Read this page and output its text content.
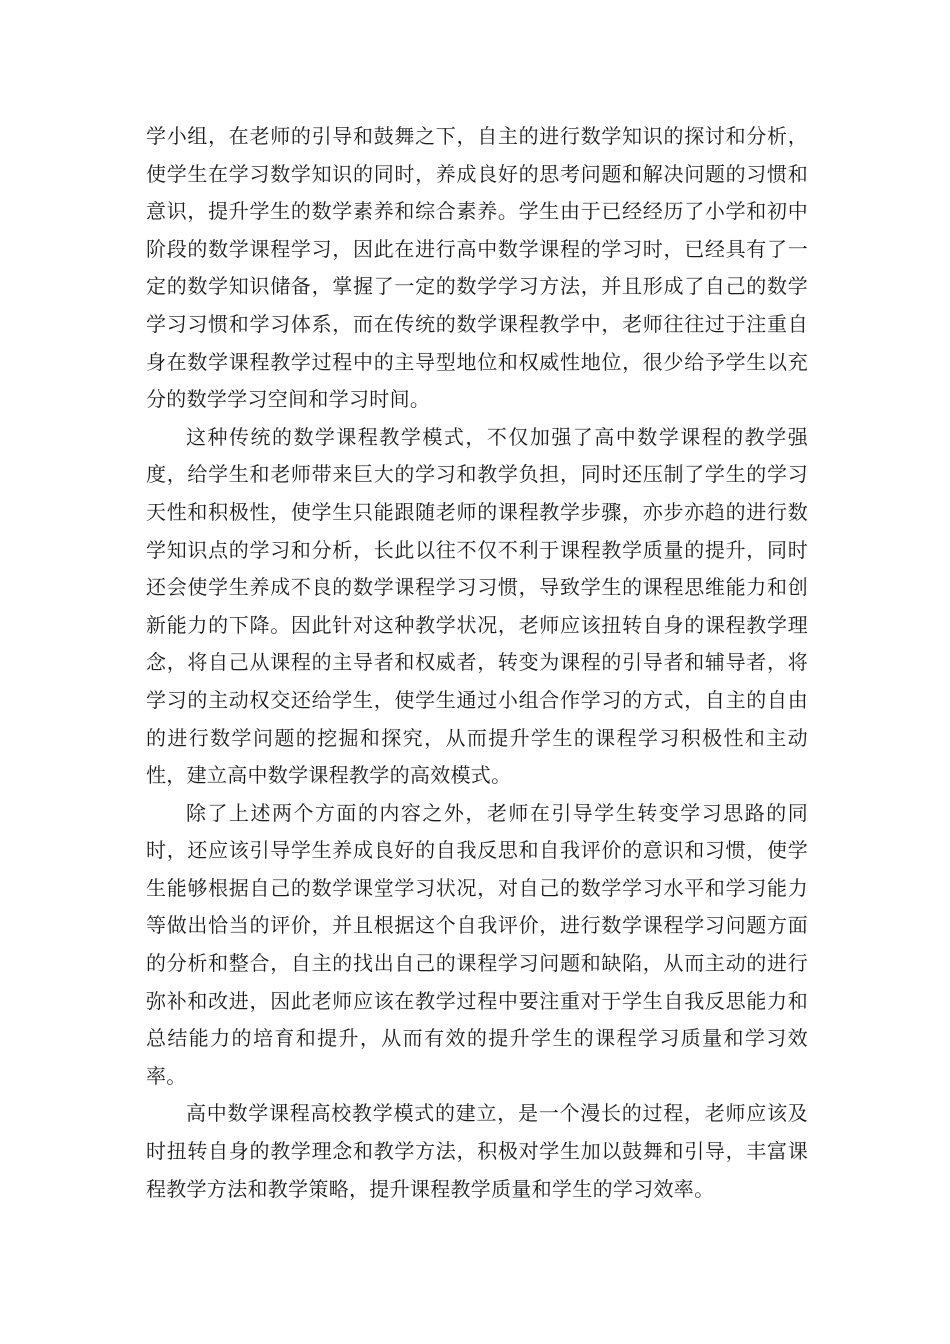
学小组，在老师的引导和鼓舞之下，自主的进行数学知识的探讨和分析，使学生在学习数学知识的同时，养成良好的思考问题和解决问题的习惯和意识，提升学生的数学素养和综合素养。学生由于已经经历了小学和初中阶段的数学课程学习，因此在进行高中数学课程的学习时，已经具有了一定的数学知识储备，掌握了一定的数学学习方法，并且形成了自己的数学学习习惯和学习体系，而在传统的数学课程教学中，老师往往过于注重自身在数学课程教学过程中的主导型地位和权威性地位，很少给予学生以充分的数学学习空间和学习时间。

这种传统的数学课程教学模式，不仅加强了高中数学课程的教学强度，给学生和老师带来巨大的学习和教学负担，同时还压制了学生的学习天性和积极性，使学生只能跟随老师的课程教学步骤，亦步亦趋的进行数学知识点的学习和分析，长此以往不仅不利于课程教学质量的提升，同时还会使学生养成不良的数学课程学习习惯，导致学生的课程思维能力和创新能力的下降。因此针对这种教学状况，老师应该扭转自身的课程教学理念，将自己从课程的主导者和权威者，转变为课程的引导者和辅导者，将学习的主动权交还给学生，使学生通过小组合作学习的方式，自主的自由的进行数学问题的挖掘和探究，从而提升学生的课程学习积极性和主动性，建立高中数学课程教学的高效模式。

除了上述两个方面的内容之外，老师在引导学生转变学习思路的同时，还应该引导学生养成良好的自我反思和自我评价的意识和习惯，使学生能够根据自己的数学课堂学习状况，对自己的数学学习水平和学习能力等做出恰当的评价，并且根据这个自我评价，进行数学课程学习问题方面的分析和整合，自主的找出自己的课程学习问题和缺陷，从而主动的进行弥补和改进，因此老师应该在教学过程中要注重对于学生自我反思能力和总结能力的培育和提升，从而有效的提升学生的课程学习质量和学习效率。

高中数学课程高校教学模式的建立，是一个漫长的过程，老师应该及时扭转自身的教学理念和教学方法，积极对学生加以鼓舞和引导，丰富课程教学方法和教学策略，提升课程教学质量和学生的学习效率。
